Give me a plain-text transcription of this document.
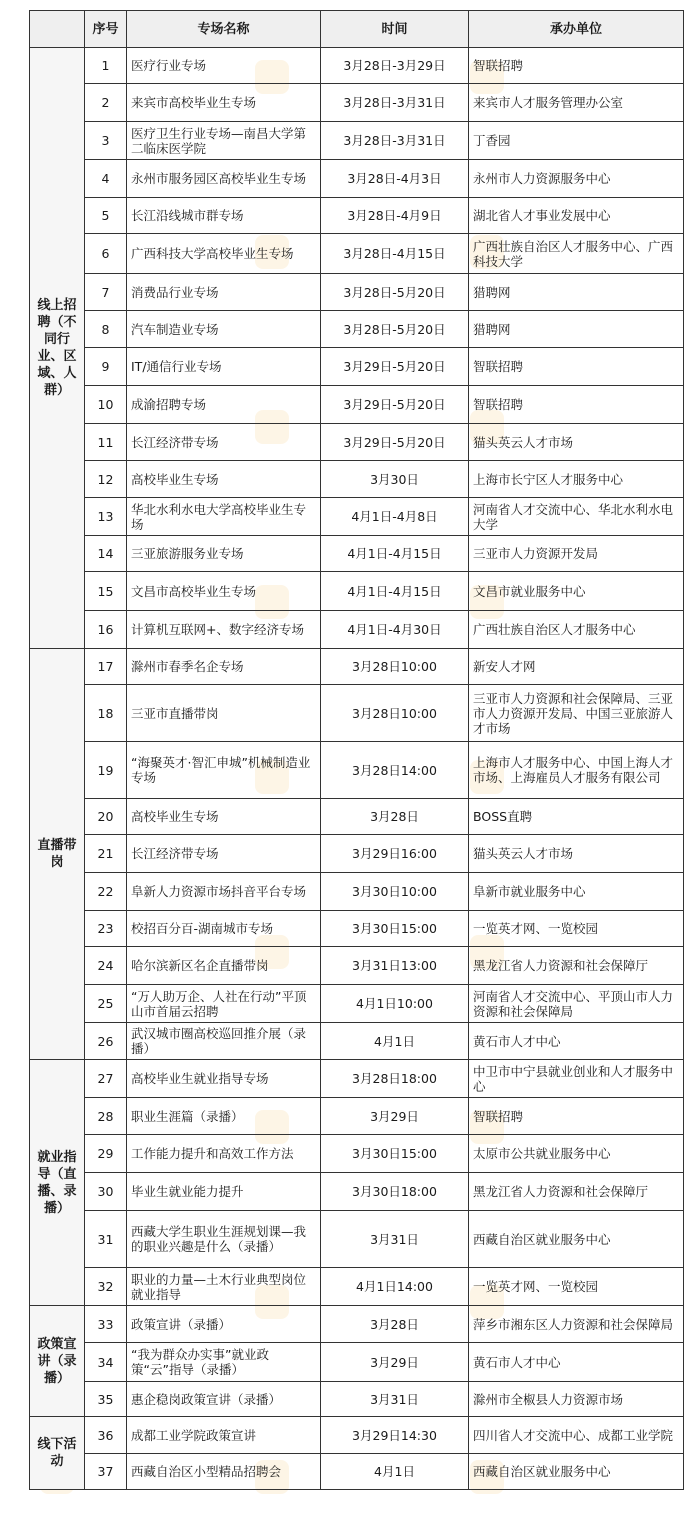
	序号	专场名称	时间	承办单位
线上招聘（不同行业、区域、人群）	1	医疗行业专场	3月28日-3月29日	智联招聘
	2	来宾市高校毕业生专场	3月28日-3月31日	来宾市人才服务管理办公室
	3	医疗卫生行业专场—南昌大学第二临床医学院	3月28日-3月31日	丁香园
	4	永州市服务园区高校毕业生专场	3月28日-4月3日	永州市人力资源服务中心
	5	长江沿线城市群专场	3月28日-4月9日	湖北省人才事业发展中心
	6	广西科技大学高校毕业生专场	3月28日-4月15日	广西壮族自治区人才服务中心、广西科技大学
	7	消费品行业专场	3月28日-5月20日	猎聘网
	8	汽车制造业专场	3月28日-5月20日	猎聘网
	9	IT/通信行业专场	3月29日-5月20日	智联招聘
	10	成渝招聘专场	3月29日-5月20日	智联招聘
	11	长江经济带专场	3月29日-5月20日	猫头英云人才市场
	12	高校毕业生专场	3月30日	上海市长宁区人才服务中心
	13	华北水利水电大学高校毕业生专场	4月1日-4月8日	河南省人才交流中心、华北水利水电大学
	14	三亚旅游服务业专场	4月1日-4月15日	三亚市人力资源开发局
	15	文昌市高校毕业生专场	4月1日-4月15日	文昌市就业服务中心
	16	计算机互联网+、数字经济专场	4月1日-4月30日	广西壮族自治区人才服务中心
直播带岗	17	滁州市春季名企专场	3月28日10:00	新安人才网
	18	三亚市直播带岗	3月28日10:00	三亚市人力资源和社会保障局、三亚市人力资源开发局、中国三亚旅游人才市场
	19	“海聚英才·智汇申城”机械制造业专场	3月28日14:00	上海市人才服务中心、中国上海人才市场、上海雇员人才服务有限公司
	20	高校毕业生专场	3月28日	BOSS直聘
	21	长江经济带专场	3月29日16:00	猫头英云人才市场
	22	阜新人力资源市场抖音平台专场	3月30日10:00	阜新市就业服务中心
	23	校招百分百-湖南城市专场	3月30日15:00	一览英才网、一览校园
	24	哈尔滨新区名企直播带岗	3月31日13:00	黑龙江省人力资源和社会保障厅
	25	“万人助万企、人社在行动”平顶山市首届云招聘	4月1日10:00	河南省人才交流中心、平顶山市人力资源和社会保障局
	26	武汉城市圈高校巡回推介展（录播）	4月1日	黄石市人才中心
就业指导（直播、录播）	27	高校毕业生就业指导专场	3月28日18:00	中卫市中宁县就业创业和人才服务中心
	28	职业生涯篇（录播）	3月29日	智联招聘
	29	工作能力提升和高效工作方法	3月30日15:00	太原市公共就业服务中心
	30	毕业生就业能力提升	3月30日18:00	黑龙江省人力资源和社会保障厅
	31	西藏大学生职业生涯规划课—我的职业兴趣是什么（录播）	3月31日	西藏自治区就业服务中心
	32	职业的力量—土木行业典型岗位就业指导	4月1日14:00	一览英才网、一览校园
政策宣讲（录播）	33	政策宣讲（录播）	3月28日	萍乡市湘东区人力资源和社会保障局
	34	“我为群众办实事”就业政策“云”指导（录播）	3月29日	黄石市人才中心
	35	惠企稳岗政策宣讲（录播）	3月31日	滁州市全椒县人力资源市场
线下活动	36	成都工业学院政策宣讲	3月29日14:30	四川省人才交流中心、成都工业学院
	37	西藏自治区小型精品招聘会	4月1日	西藏自治区就业服务中心
